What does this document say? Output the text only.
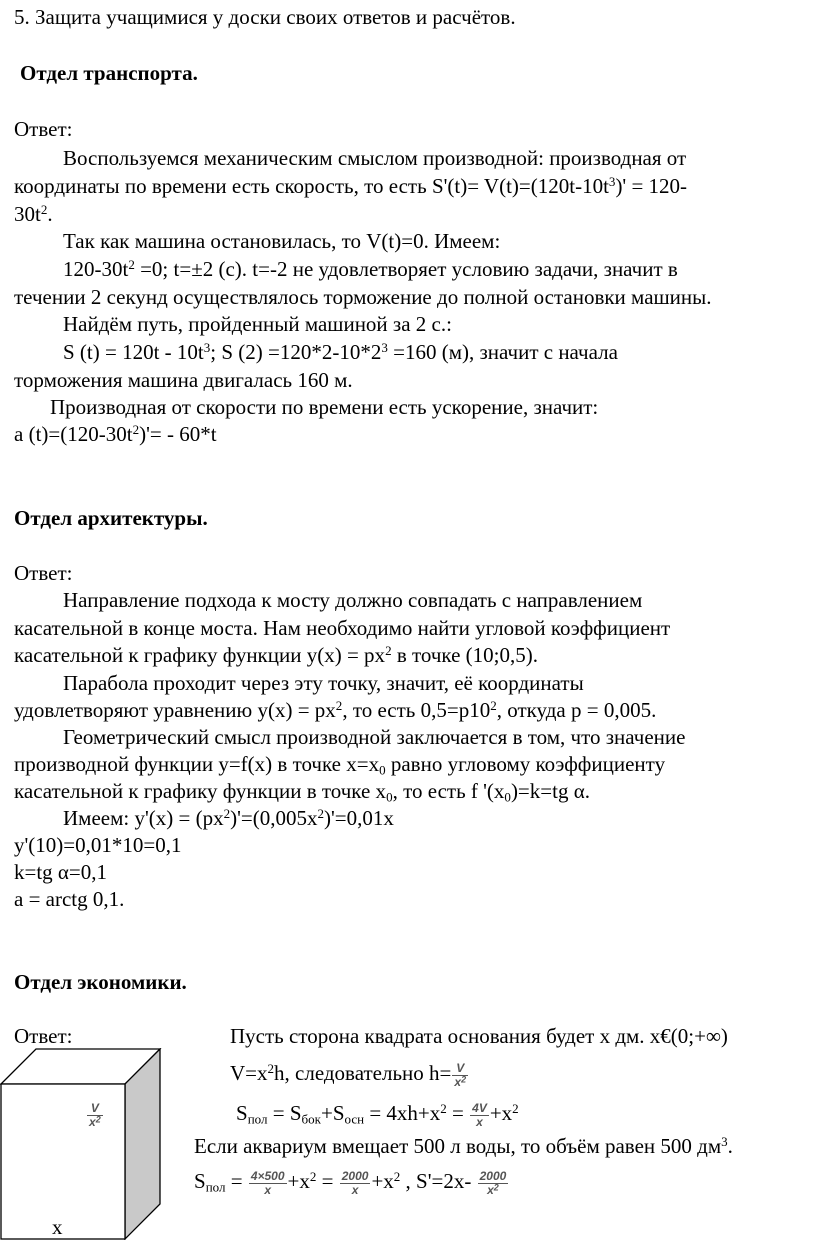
5. Защита учащимися у доски своих ответов и расчётов.
Отдел транспорта.
Ответ:
Воспользуемся механическим смыслом производной: производная от
координаты по времени есть скорость, то есть $S'(t)= V(t)=(120t-10t^3)' = 120-$
$30t^2$.
Так как машина остановилась, то V(t)=0. Имеем:
$120-30t^2 =0$; t=±2 (с). t=-2 не удовлетворяет условию задачи, значит в
течении 2 секунд осуществлялось торможение до полной остановки машины.
Найдём путь, пройденный машиной за 2 с.:
S $(t) = 120t - 10t^3$; S $(2) =120*2-10*2^3 =160$ (м), значит с начала
торможения машина двигалась 160 м.
Производная от скорости по времени есть ускорение, значит:
a $(t)=(120-30t^2)'= - 60*t$
Отдел архитектуры.
Ответ:
Направление подхода к мосту должно совпадать с направлением
касательной в конце моста. Нам необходимо найти угловой коэффициент
касательной к графику функции $y(x) = px^2$ в точке (10;0,5).
Парабола проходит через эту точку, значит, её координаты
удовлетворяют уравнению $y(x) = px^2$, то есть $0,5=p10^2$, откуда p = 0,005.
Геометрический смысл производной заключается в том, что значение
производной функции y=f(x) в точке $x=x_0$ равно угловому коэффициенту
касательной к графику функции в точке $x_0$, то есть f '$(x_0)=k=tg$ α.
Имеем: $y'(x) = (px^2)'=(0,005x^2)'=0,01x$
y'(10)=0,01*10=0,1
k=tg α=0,1
a = arctg 0,1.
Отдел экономики.
Ответ:
$\frac{V}{x^2}$
x
Пусть сторона квадрата основания будет x дм. x€(0;+∞)
$V=x^2h$, следовательно $h= \frac{V}{x^2}$
$S_{пол} = S_{бок}+S_{осн} = 4xh+x^2 = \frac{4V}{x} +x^2$
Если аквариум вмещает 500 л воды, то объём равен 500 $дм^3$.
$S_{пол} = \frac{4\times 500}{x} +x^2 = \frac{2000}{x} +x^2$ , $S'=2x- \frac{2000}{x^2}$
